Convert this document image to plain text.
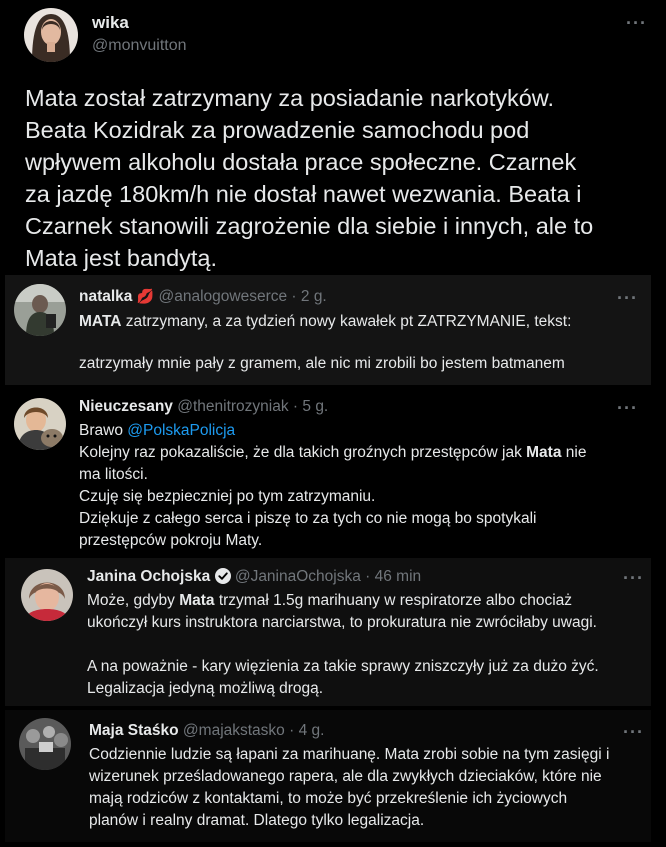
wika
@monvuitton
···
Mata został zatrzymany za posiadanie narkotyków.
Beata Kozidrak za prowadzenie samochodu pod
wpływem alkoholu dostała prace społeczne. Czarnek
za jazdę 180km/h nie dostał nawet wezwania. Beata i
Czarnek stanowili zagrożenie dla siebie i innych, ale to
Mata jest bandytą.
natalka 💋 @analogoweserce · 2 g.	···

MATA zatrzymany, a za tydzień nowy kawałek pt ZATRZYMANIE, tekst:

zatrzymały mnie pały z gramem, ale nic mi zrobili bo jestem batmanem

Nieuczesany @thenitrozyniak · 5 g.	···

Brawo @PolskaPolicja

Kolejny raz pokazaliście, że dla takich groźnych przestępców jak Mata nie

ma litości.

Czuję się bezpieczniej po tym zatrzymaniu.

Dziękuje z całego serca i piszę to za tych co nie mogą bo spotykali

przestępców pokroju Maty.

Janina Ochojska @JaninaOchojska · 46 min	···

Może, gdyby Mata trzymał 1.5g marihuany w respiratorze albo chociaż

ukończył kurs instruktora narciarstwa, to prokuratura nie zwróciłaby uwagi.

A na poważnie - kary więzienia za takie sprawy zniszczyły już za dużo żyć.

Legalizacja jedyną możliwą drogą.

Maja Staśko @majakstasko · 4 g.	···

Codziennie ludzie są łapani za marihuanę. Mata zrobi sobie na tym zasięgi i

wizerunek prześladowanego rapera, ale dla zwykłych dzieciaków, które nie

mają rodziców z kontaktami, to może być przekreślenie ich życiowych

planów i realny dramat. Dlatego tylko legalizacja.
